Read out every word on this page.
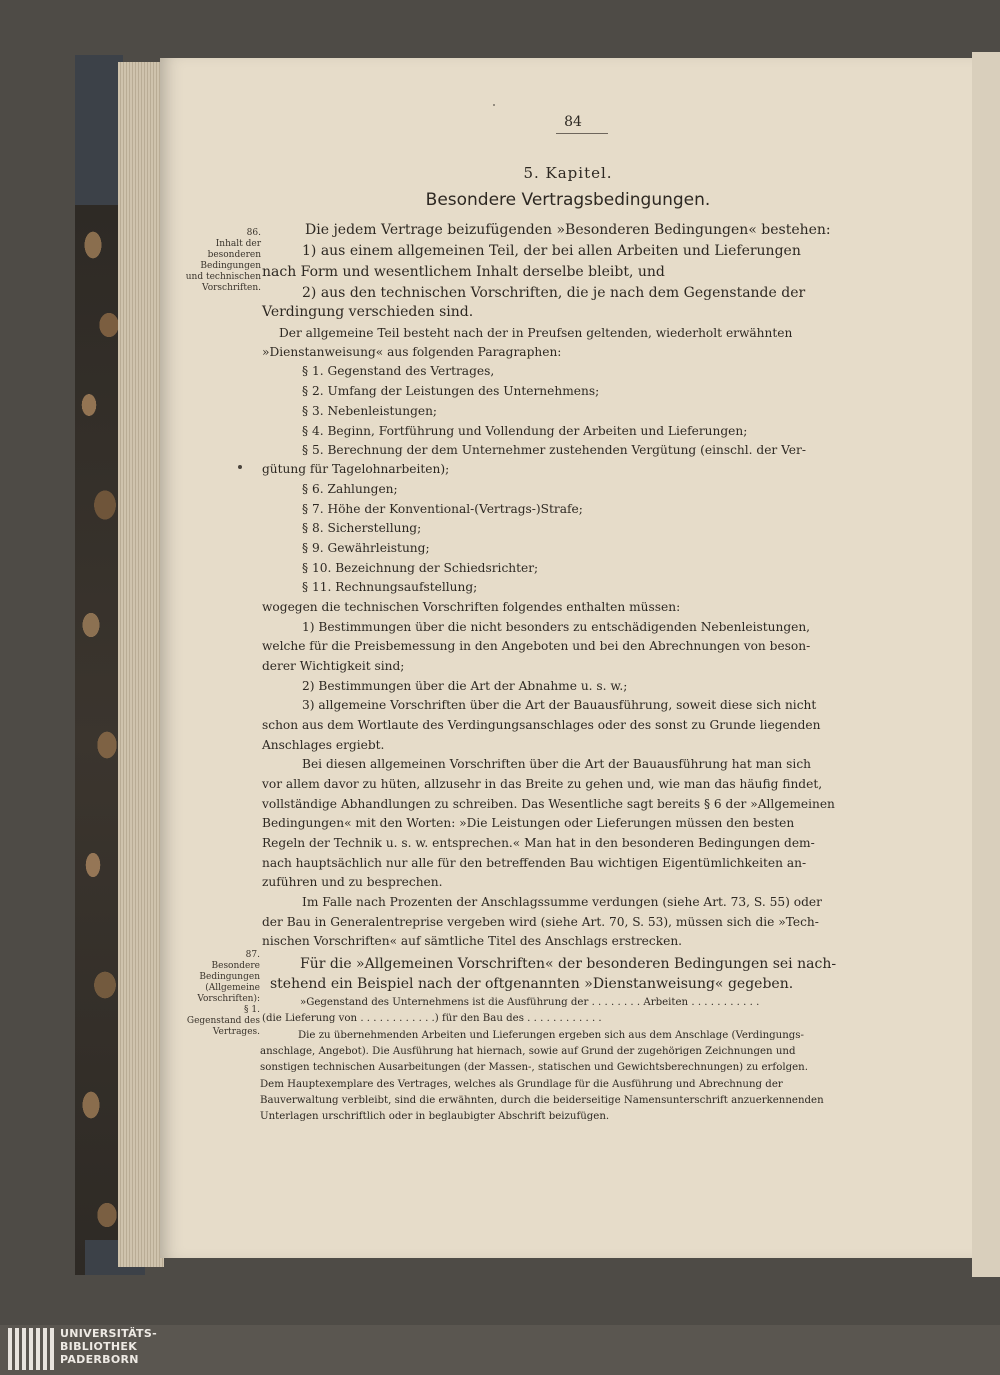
84
5. Kapitel.
Besondere Vertragsbedingungen.
86.
Inhalt der
besonderen
Bedingungen
und technischen
Vorschriften.
87.
Besondere
Bedingungen
(Allgemeine
Vorschriften):
§ 1.
Gegenstand des
Vertrages.
Die jedem Vertrage beizufügenden »Besonderen Bedingungen« bestehen:
1) aus einem allgemeinen Teil, der bei allen Arbeiten und Lieferungen
nach Form und wesentlichem Inhalt derselbe bleibt, und
2) aus den technischen Vorschriften, die je nach dem Gegenstande der
Verdingung verschieden sind.
Der allgemeine Teil besteht nach der in Preufsen geltenden, wiederholt erwähnten
»Dienstanweisung« aus folgenden Paragraphen:
§ 1. Gegenstand des Vertrages,
§ 2. Umfang der Leistungen des Unternehmens;
§ 3. Nebenleistungen;
§ 4. Beginn, Fortführung und Vollendung der Arbeiten und Lieferungen;
§ 5. Berechnung der dem Unternehmer zustehenden Vergütung (einschl. der Ver-
gütung für Tagelohnarbeiten);
§ 6. Zahlungen;
§ 7. Höhe der Konventional-(Vertrags-)Strafe;
§ 8. Sicherstellung;
§ 9. Gewährleistung;
§ 10. Bezeichnung der Schiedsrichter;
§ 11. Rechnungsaufstellung;
wogegen die technischen Vorschriften folgendes enthalten müssen:
1) Bestimmungen über die nicht besonders zu entschädigenden Nebenleistungen,
welche für die Preisbemessung in den Angeboten und bei den Abrechnungen von beson-
derer Wichtigkeit sind;
2) Bestimmungen über die Art der Abnahme u. s. w.;
3) allgemeine Vorschriften über die Art der Bauausführung, soweit diese sich nicht
schon aus dem Wortlaute des Verdingungsanschlages oder des sonst zu Grunde liegenden
Anschlages ergiebt.
Bei diesen allgemeinen Vorschriften über die Art der Bauausführung hat man sich
vor allem davor zu hüten, allzusehr in das Breite zu gehen und, wie man das häufig findet,
vollständige Abhandlungen zu schreiben. Das Wesentliche sagt bereits § 6 der »Allgemeinen
Bedingungen« mit den Worten: »Die Leistungen oder Lieferungen müssen den besten
Regeln der Technik u. s. w. entsprechen.« Man hat in den besonderen Bedingungen dem-
nach hauptsächlich nur alle für den betreffenden Bau wichtigen Eigentümlichkeiten an-
zuführen und zu besprechen.
Im Falle nach Prozenten der Anschlagssumme verdungen (siehe Art. 73, S. 55) oder
der Bau in Generalentreprise vergeben wird (siehe Art. 70, S. 53), müssen sich die »Tech-
nischen Vorschriften« auf sämtliche Titel des Anschlags erstrecken.
Für die »Allgemeinen Vorschriften« der besonderen Bedingungen sei nach-
stehend ein Beispiel nach der oftgenannten »Dienstanweisung« gegeben.
»Gegenstand des Unternehmens ist die Ausführung der . . . . . . . . Arbeiten . . . . . . . . . . .
(die Lieferung von . . . . . . . . . . . .) für den Bau des . . . . . . . . . . . .
Die zu übernehmenden Arbeiten und Lieferungen ergeben sich aus dem Anschlage (Verdingungs-
anschlage, Angebot). Die Ausführung hat hiernach, sowie auf Grund der zugehörigen Zeichnungen und
sonstigen technischen Ausarbeitungen (der Massen-, statischen und Gewichtsberechnungen) zu erfolgen.
Dem Hauptexemplare des Vertrages, welches als Grundlage für die Ausführung und Abrechnung der
Bauverwaltung verbleibt, sind die erwähnten, durch die beiderseitige Namensunterschrift anzuerkennenden
Unterlagen urschriftlich oder in beglaubigter Abschrift beizufügen.
UNIVERSITÄTS-
BIBLIOTHEK
PADERBORN
